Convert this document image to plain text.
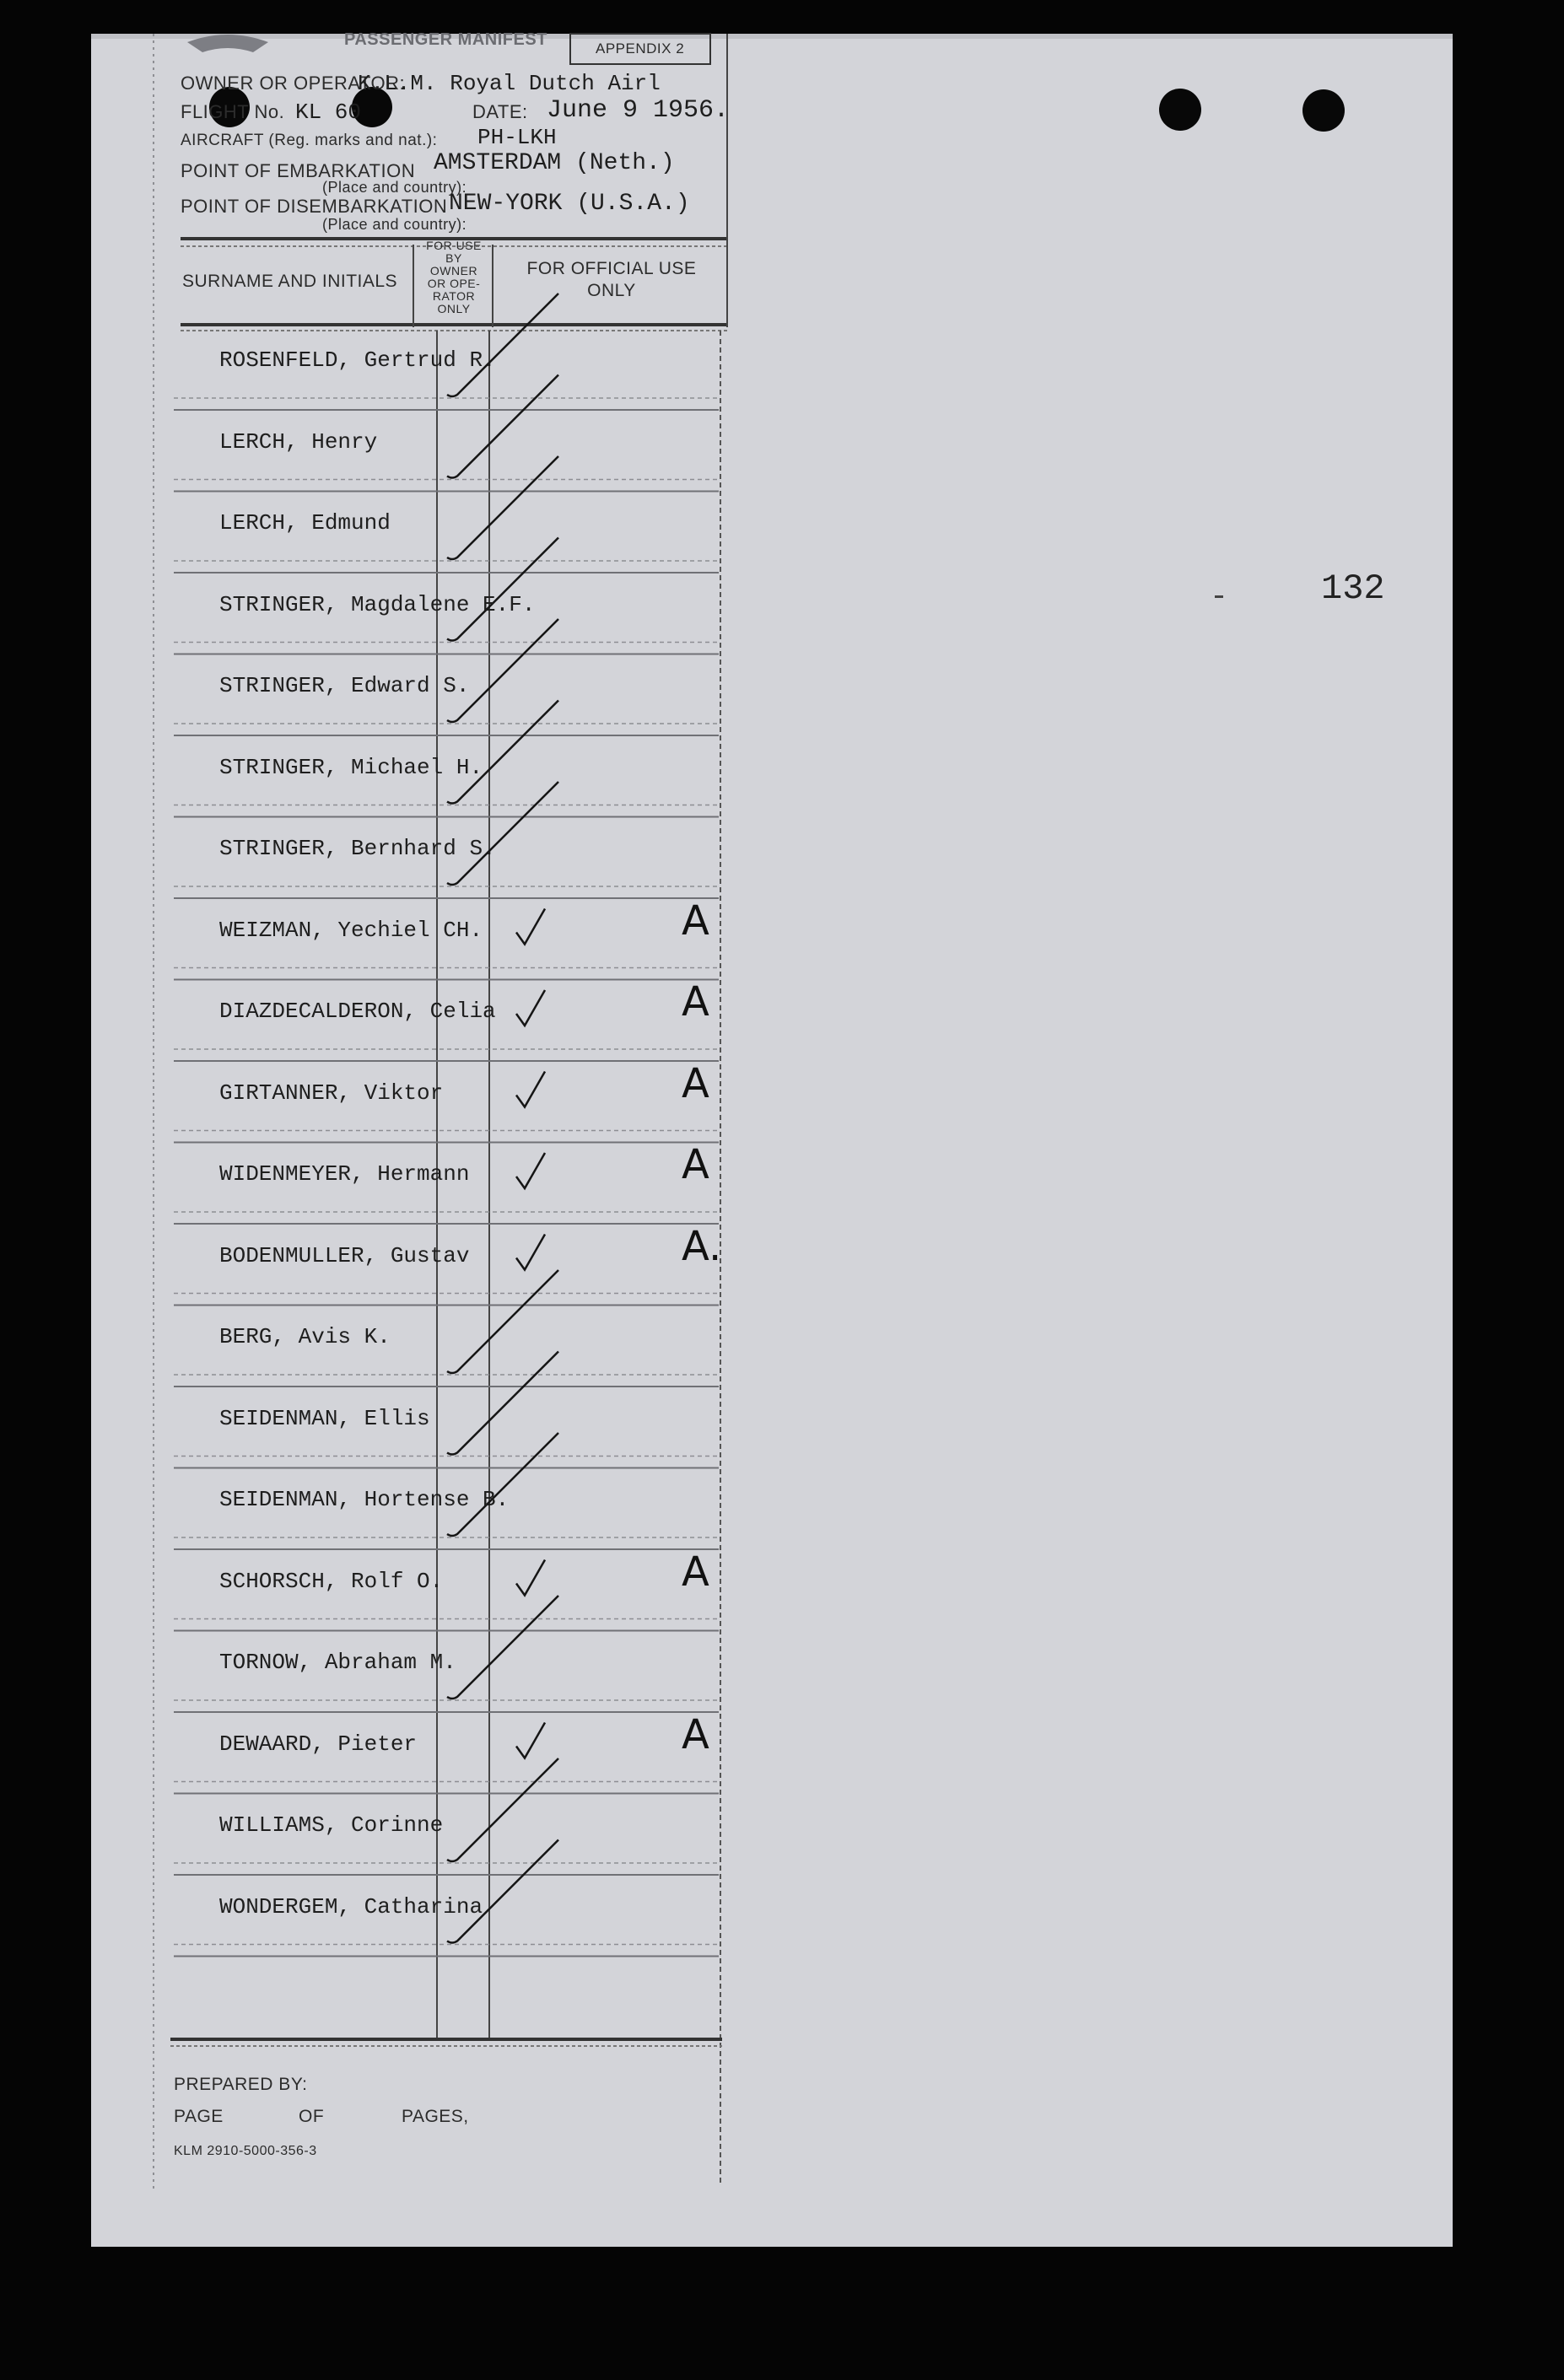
PASSENGER MANIFEST	APPENDIX 2
OWNER OR OPERATOR:
K.L.M. Royal Dutch Airl
FLIGHT No. KL 60	DATE: June 9 1956.
AIRCRAFT (Reg. marks and nat.): PH-LKH
POINT OF EMBARKATION AMSTERDAM (Neth.)
(Place and country):
POINT OF DISEMBARKATION NEW-YORK (U.S.A.)
(Place and country):
SURNAME AND INITIALS
FOR USE
BY
OWNER
OR OPE-
RATOR
ONLY
FOR OFFICIAL USE
ONLY
ROSENFELD, Gertrud R.
LERCH, Henry
LERCH, Edmund
STRINGER, Magdalene E.F.
STRINGER, Edward S.
STRINGER, Michael H.
STRINGER, Bernhard S.
WEIZMAN, Yechiel CH.	A
DIAZDECALDERON, Celia	A
GIRTANNER, Viktor	A
WIDENMEYER, Hermann	A
BODENMULLER, Gustav	A.
BERG, Avis K.
SEIDENMAN, Ellis
SEIDENMAN, Hortense B.
SCHORSCH, Rolf O.	A
TORNOW, Abraham M.
DEWAARD, Pieter	A
WILLIAMS, Corinne
WONDERGEM, Catharina
132
PREPARED BY:
PAGE	OF	PAGES,
KLM 2910-5000-356-3
